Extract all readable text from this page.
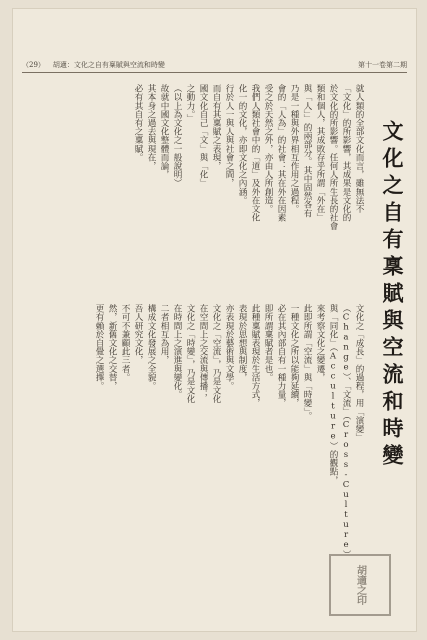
（29） 胡適：文化之自有稟賦與空流和時變	第十一卷第二期
文化之自有稟賦與空流和時變
就人類的全部文化而言，雖無法不
「文化」的所影響，其成果是文化的
於文化的所影響。任何人所生長的社會
類和個人，其成敗存乎所謂「外在」
與「人」」的兩部分。其中固然各有
乃是一種與外界相互作用之過程。
會的「人為」的社會：其在外在因素
受之於天然之外，亦由人所創造。
我們人類社會中的「道」及外在文化
化一的文化，亦即文化之內涵。
行於人一與人與社會之間，
而自有其稟賦之表現，
國文化自己「文」與「化」
之動力。」
（以上為文化之一般說明）
故就中國文化整體而論，
其本身之過去與現在，
必有其自有之稟賦。
文化之「成長」的過程，用「演變」
（Change）、「文流」（Cross-Culture）
與「同化」（Acculture）的觀點，
來考察文化之變遷，
此即所謂「空流」與「時變」。
一種文化之所以能夠延續，
必在其內部自有一種力量，
即所謂稟賦者是也。
此種稟賦表現於生活方式，
表現於思想與制度，
亦表現於藝術與文學。
文化之「空流」，乃是文化
在空間上之交流與傳播；
文化之「時變」，乃是文化
在時間上之演進與變化。
二者相互為用，
構成文化發展之全貌。
吾人研究文化，
不可不兼顧此三者。
然，新舊文化之交替，
更有賴於自覺之選擇。
胡適之印
